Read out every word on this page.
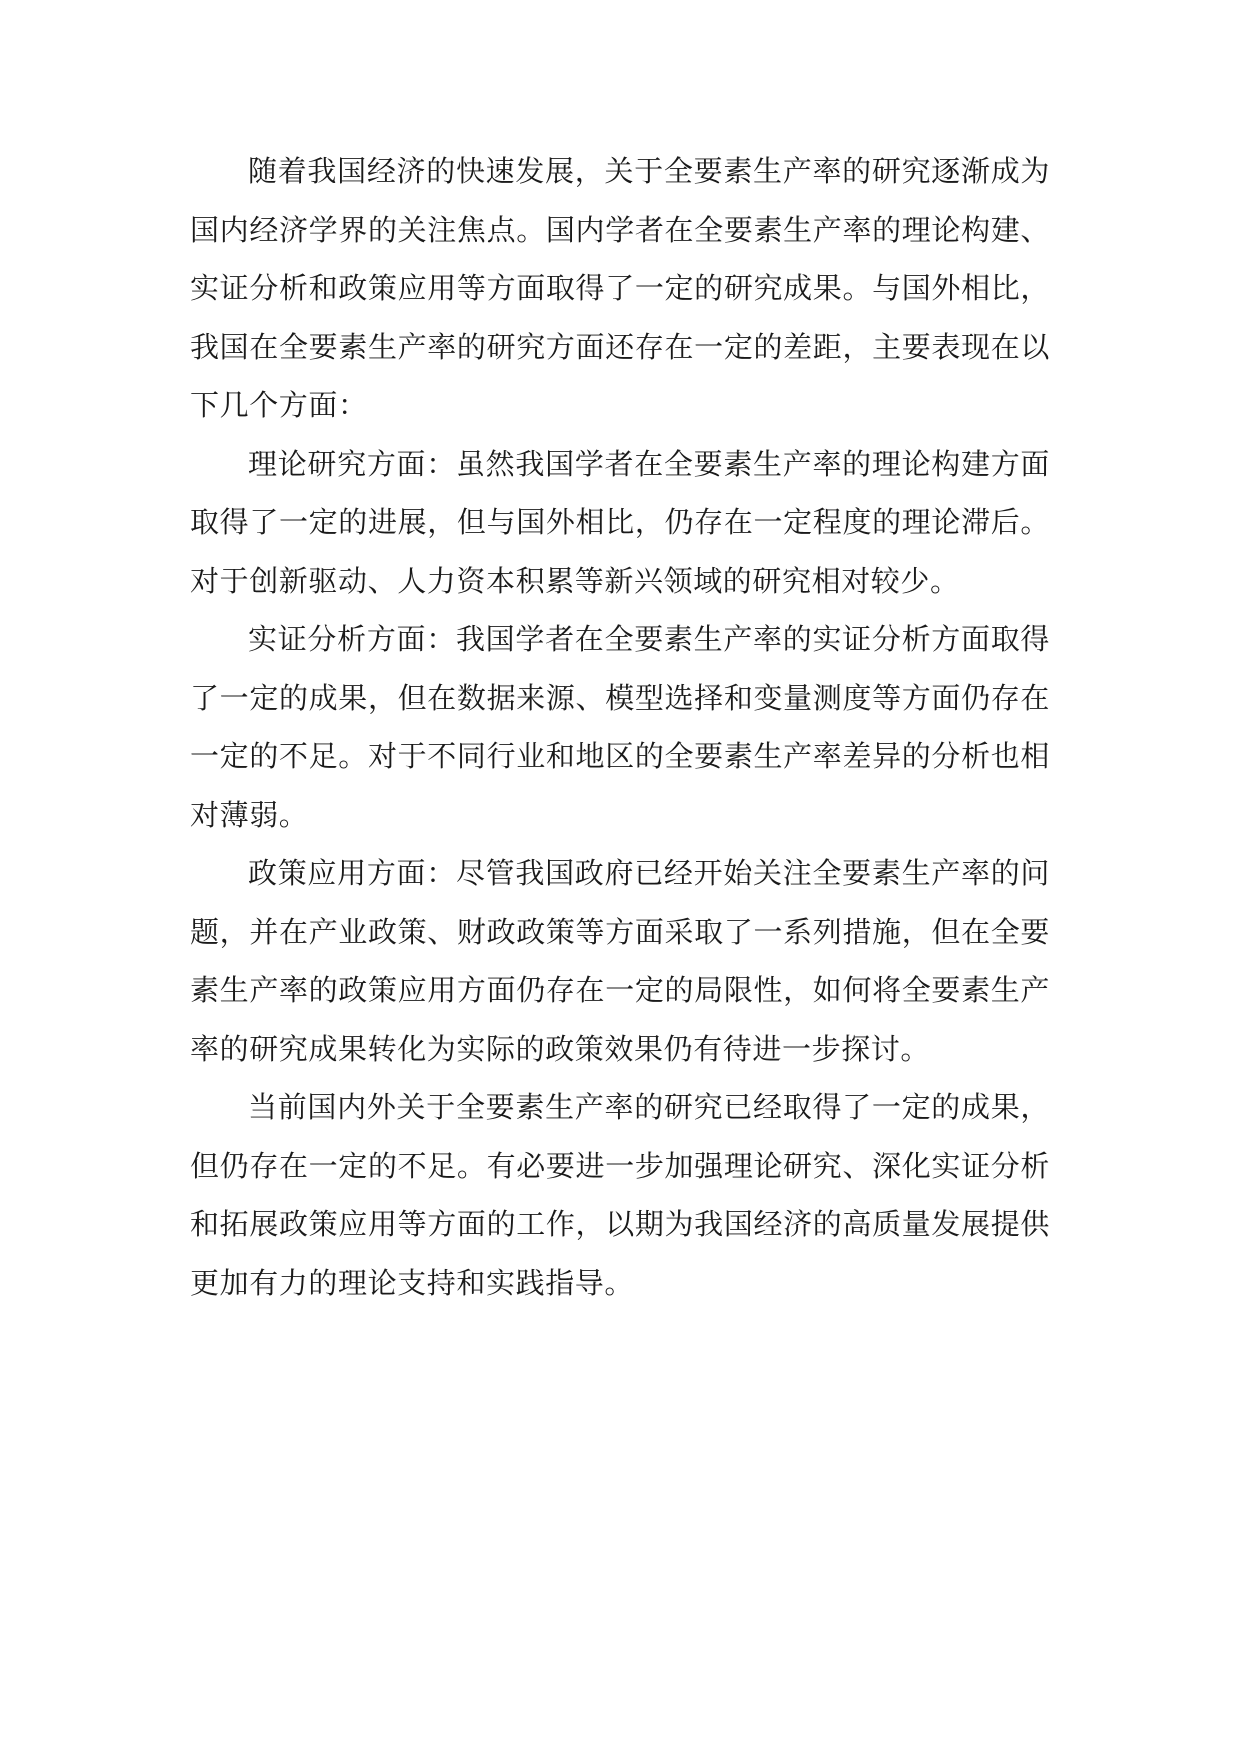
随着我国经济的快速发展，关于全要素生产率的研究逐渐成为国内经济学界的关注焦点。国内学者在全要素生产率的理论构建、实证分析和政策应用等方面取得了一定的研究成果。与国外相比，我国在全要素生产率的研究方面还存在一定的差距，主要表现在以下几个方面：

理论研究方面：虽然我国学者在全要素生产率的理论构建方面取得了一定的进展，但与国外相比，仍存在一定程度的理论滞后。对于创新驱动、人力资本积累等新兴领域的研究相对较少。

实证分析方面：我国学者在全要素生产率的实证分析方面取得了一定的成果，但在数据来源、模型选择和变量测度等方面仍存在一定的不足。对于不同行业和地区的全要素生产率差异的分析也相对薄弱。

政策应用方面：尽管我国政府已经开始关注全要素生产率的问题，并在产业政策、财政政策等方面采取了一系列措施，但在全要素生产率的政策应用方面仍存在一定的局限性，如何将全要素生产率的研究成果转化为实际的政策效果仍有待进一步探讨。

当前国内外关于全要素生产率的研究已经取得了一定的成果，但仍存在一定的不足。有必要进一步加强理论研究、深化实证分析和拓展政策应用等方面的工作，以期为我国经济的高质量发展提供更加有力的理论支持和实践指导。
